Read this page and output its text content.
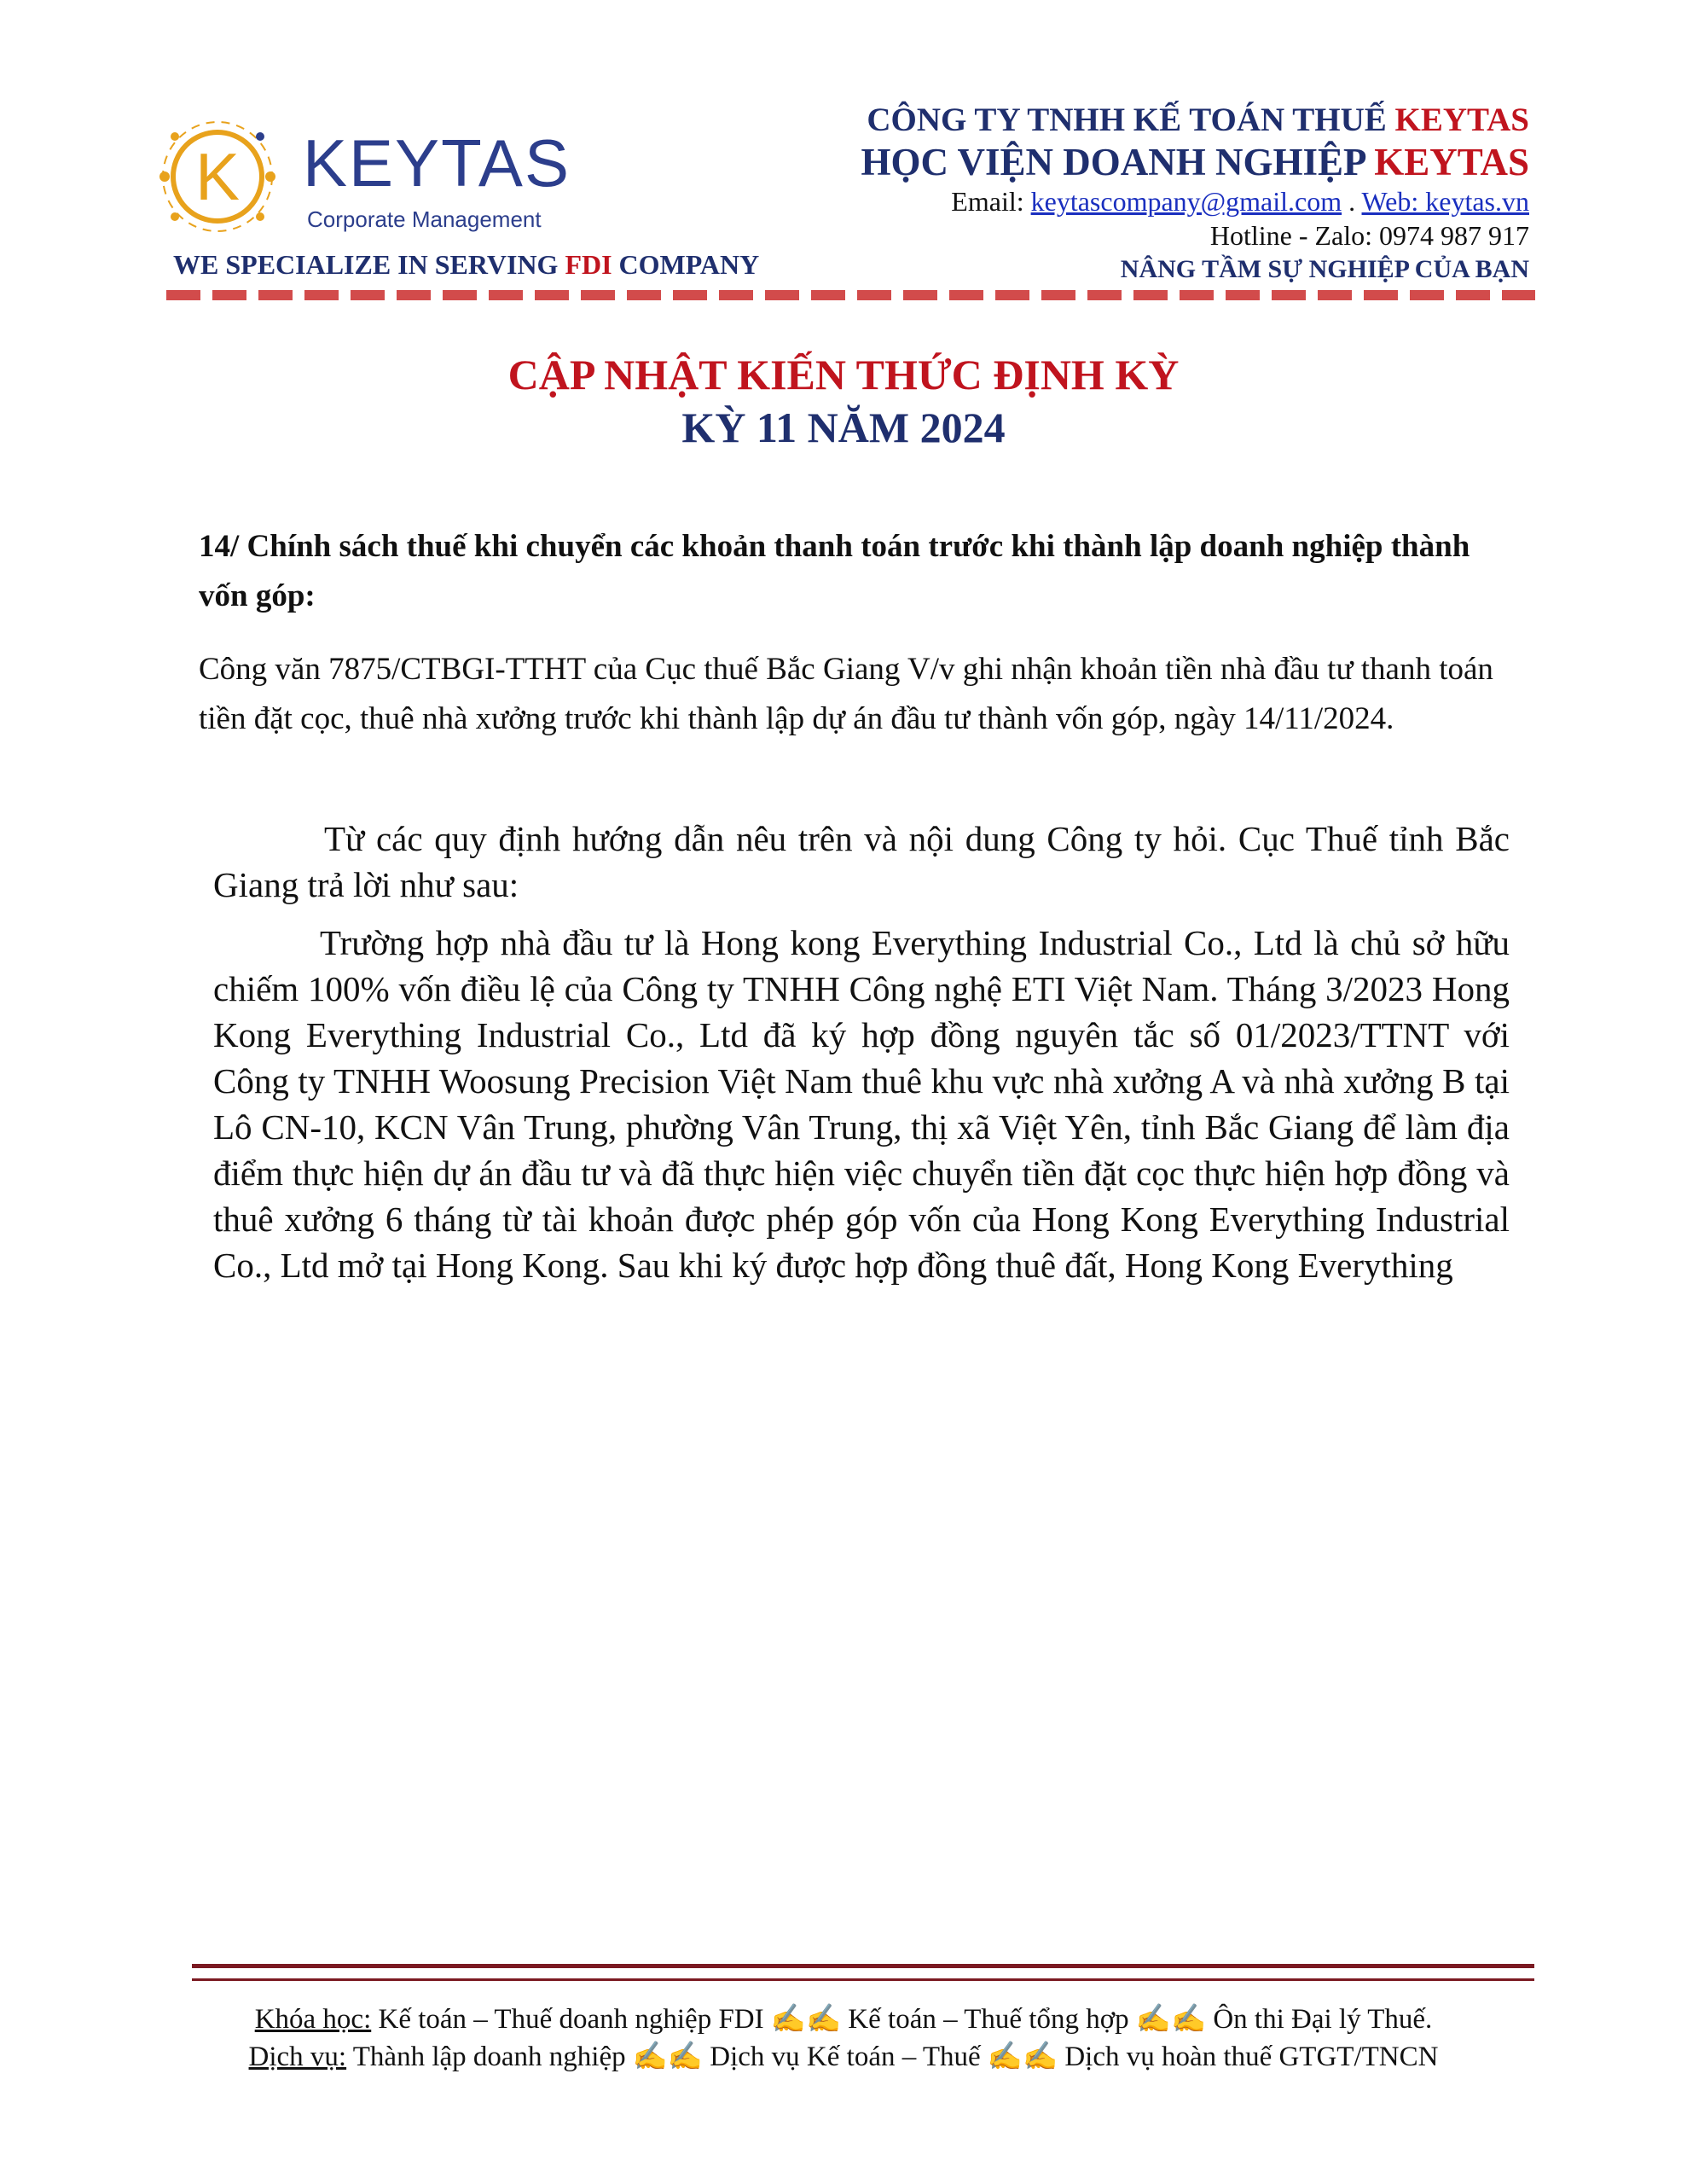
K KEYTAS
Corporate Management
WE SPECIALIZE IN SERVING FDI COMPANY
CÔNG TY TNHH KẾ TOÁN THUẾ KEYTAS
HỌC VIỆN DOANH NGHIỆP KEYTAS
Email: keytascompany@gmail.com . Web: keytas.vn
Hotline - Zalo: 0974 987 917
NÂNG TẦM SỰ NGHIỆP CỦA BẠN
CẬP NHẬT KIẾN THỨC ĐỊNH KỲ
KỲ 11 NĂM 2024

14/ Chính sách thuế khi chuyển các khoản thanh toán trước khi thành lập doanh nghiệp thành vốn góp:

Công văn 7875/CTBGI-TTHT của Cục thuế Bắc Giang V/v ghi nhận khoản tiền nhà đầu tư thanh toán tiền đặt cọc, thuê nhà xưởng trước khi thành lập dự án đầu tư thành vốn góp, ngày 14/11/2024.

Từ các quy định hướng dẫn nêu trên và nội dung Công ty hỏi. Cục Thuế tỉnh Bắc Giang trả lời như sau:

Trường hợp nhà đầu tư là Hong kong Everything Industrial Co., Ltd là chủ sở hữu chiếm 100% vốn điều lệ của Công ty TNHH Công nghệ ETI Việt Nam. Tháng 3/2023 Hong Kong Everything Industrial Co., Ltd đã ký hợp đồng nguyên tắc số 01/2023/TTNT với Công ty TNHH Woosung Precision Việt Nam thuê khu vực nhà xưởng A và nhà xưởng B tại Lô CN-10, KCN Vân Trung, phường Vân Trung, thị xã Việt Yên, tỉnh Bắc Giang để làm địa điểm thực hiện dự án đầu tư và đã thực hiện việc chuyển tiền đặt cọc thực hiện hợp đồng và thuê xưởng 6 tháng từ tài khoản được phép góp vốn của Hong Kong Everything Industrial Co., Ltd mở tại Hong Kong. Sau khi ký được hợp đồng thuê đất, Hong Kong Everything

Khóa học: Kế toán – Thuế doanh nghiệp FDI ✍✍ Kế toán – Thuế tổng hợp ✍✍ Ôn thi Đại lý Thuế.
Dịch vụ: Thành lập doanh nghiệp ✍✍ Dịch vụ Kế toán – Thuế ✍✍ Dịch vụ hoàn thuế GTGT/TNCN
